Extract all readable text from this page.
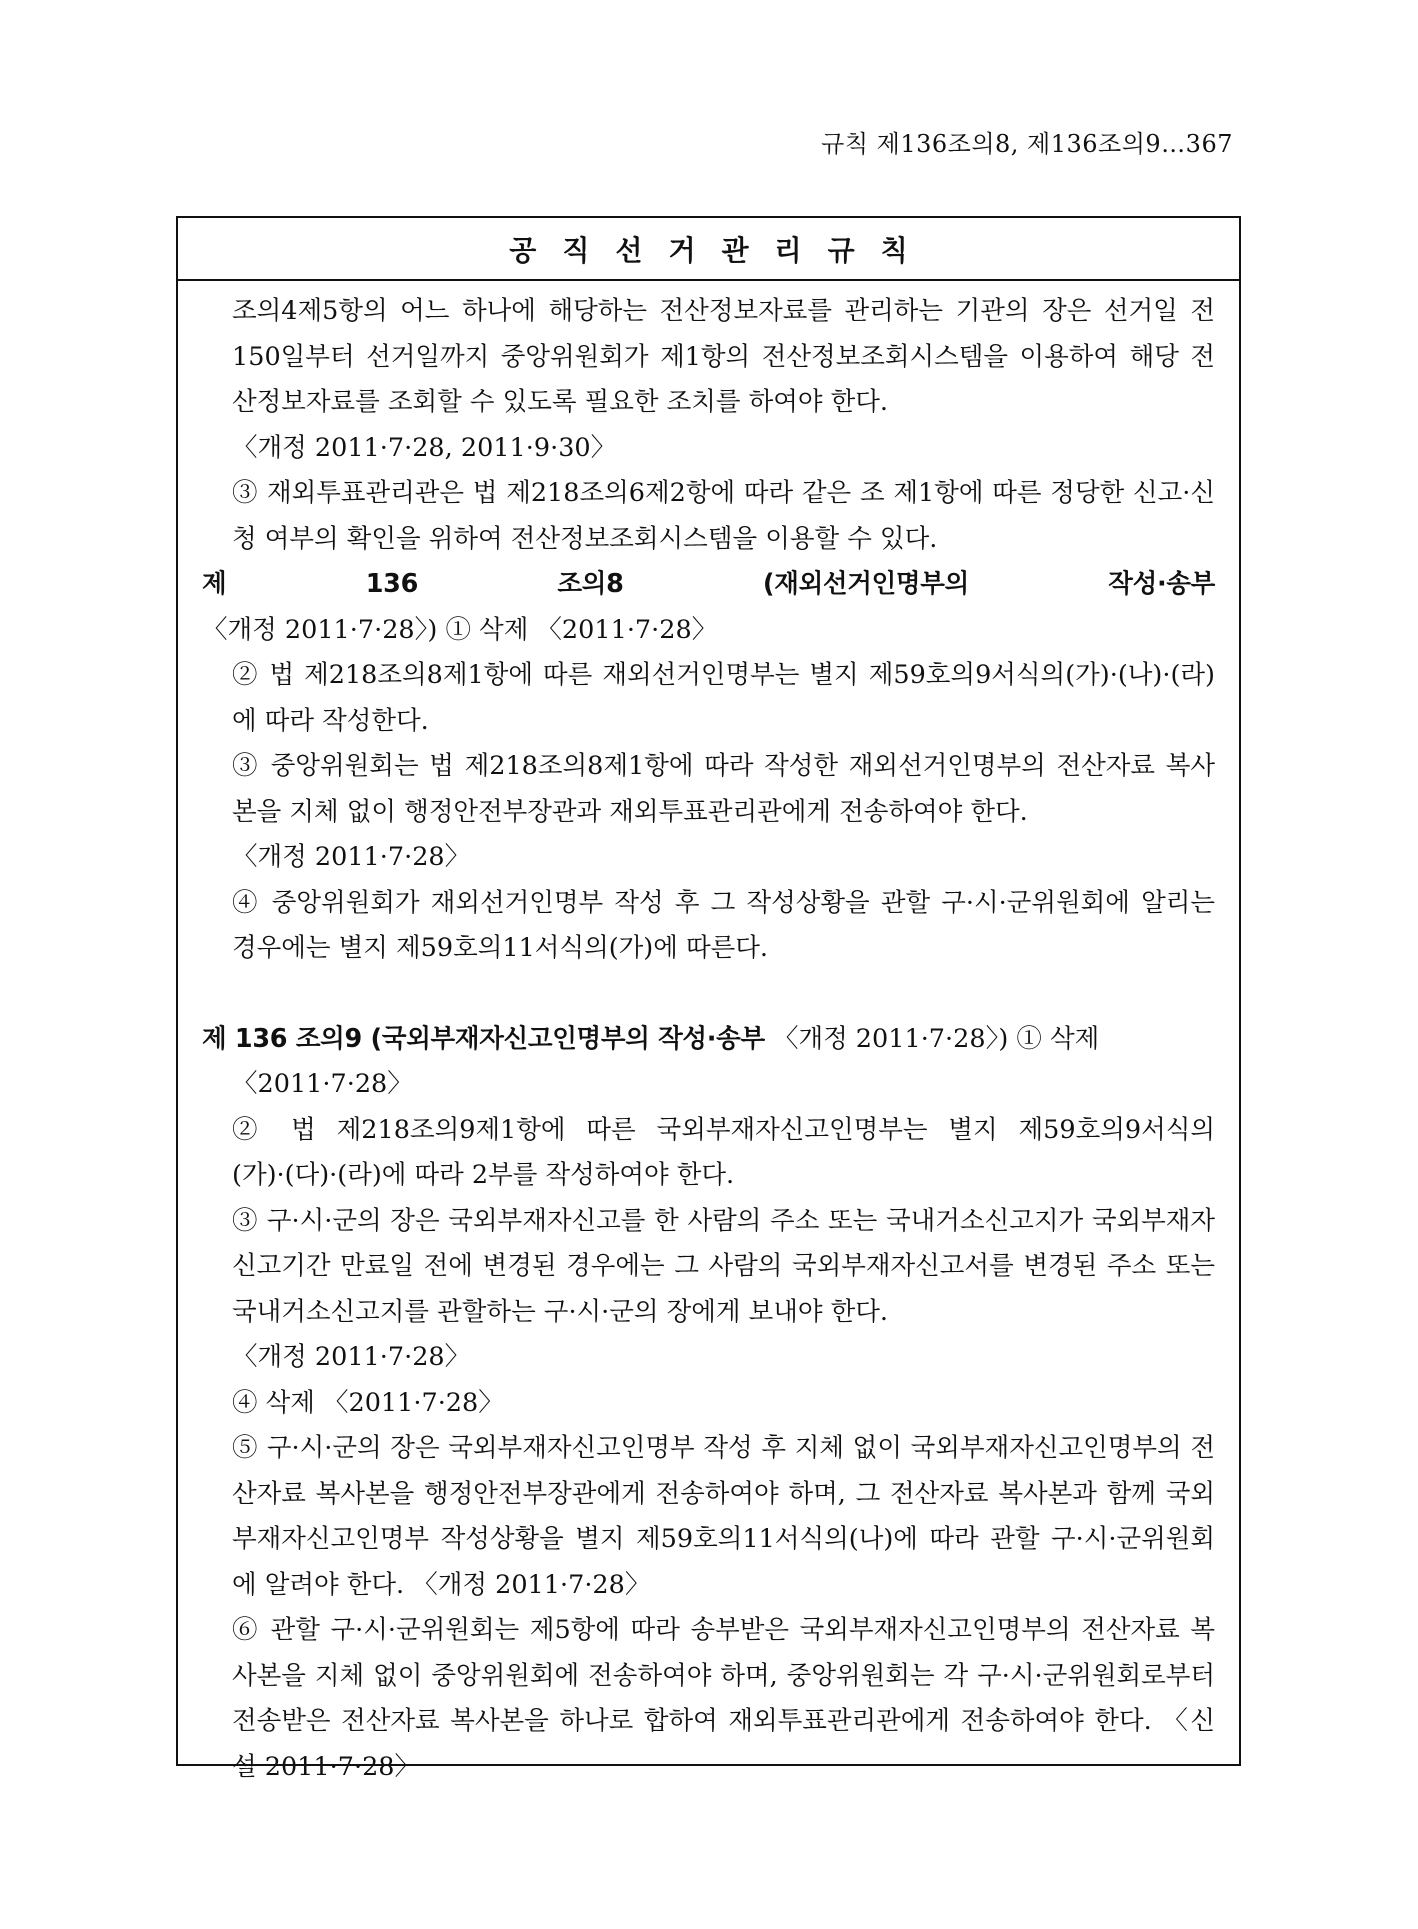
규칙 제136조의8, 제136조의9…367
공직선거관리규칙

조의4제5항의 어느 하나에 해당하는 전산정보자료를 관리하는 기관의 장은 선거일 전 150일부터 선거일까지 중앙위원회가 제1항의 전산정보조회시스템을 이용하여 해당 전산정보자료를 조회할 수 있도록 필요한 조치를 하여야 한다.

〈개정 2011·7·28, 2011·9·30〉

③ 재외투표관리관은 법 제218조의6제2항에 따라 같은 조 제1항에 따른 정당한 신고·신청 여부의 확인을 위하여 전산정보조회시스템을 이용할 수 있다.

제 136 조의8 (재외선거인명부의 작성·송부 〈개정 2011·7·28〉) ① 삭제 〈2011·7·28〉

② 법 제218조의8제1항에 따른 재외선거인명부는 별지 제59호의9서식의(가)·(나)·(라)에 따라 작성한다.

③ 중앙위원회는 법 제218조의8제1항에 따라 작성한 재외선거인명부의 전산자료 복사본을 지체 없이 행정안전부장관과 재외투표관리관에게 전송하여야 한다.

〈개정 2011·7·28〉

④ 중앙위원회가 재외선거인명부 작성 후 그 작성상황을 관할 구·시·군위원회에 알리는 경우에는 별지 제59호의11서식의(가)에 따른다.

제 136 조의9 (국외부재자신고인명부의 작성·송부 〈개정 2011·7·28〉) ① 삭제

〈2011·7·28〉

② 법 제218조의9제1항에 따른 국외부재자신고인명부는 별지 제59호의9서식의 (가)·(다)·(라)에 따라 2부를 작성하여야 한다.

③ 구·시·군의 장은 국외부재자신고를 한 사람의 주소 또는 국내거소신고지가 국외부재자 신고기간 만료일 전에 변경된 경우에는 그 사람의 국외부재자신고서를 변경된 주소 또는 국내거소신고지를 관할하는 구·시·군의 장에게 보내야 한다.

〈개정 2011·7·28〉

④ 삭제 〈2011·7·28〉

⑤ 구·시·군의 장은 국외부재자신고인명부 작성 후 지체 없이 국외부재자신고인명부의 전산자료 복사본을 행정안전부장관에게 전송하여야 하며, 그 전산자료 복사본과 함께 국외부재자신고인명부 작성상황을 별지 제59호의11서식의(나)에 따라 관할 구·시·군위원회에 알려야 한다. 〈개정 2011·7·28〉

⑥ 관할 구·시·군위원회는 제5항에 따라 송부받은 국외부재자신고인명부의 전산자료 복사본을 지체 없이 중앙위원회에 전송하여야 하며, 중앙위원회는 각 구·시·군위원회로부터 전송받은 전산자료 복사본을 하나로 합하여 재외투표관리관에게 전송하여야 한다. 〈신설 2011·7·28〉
